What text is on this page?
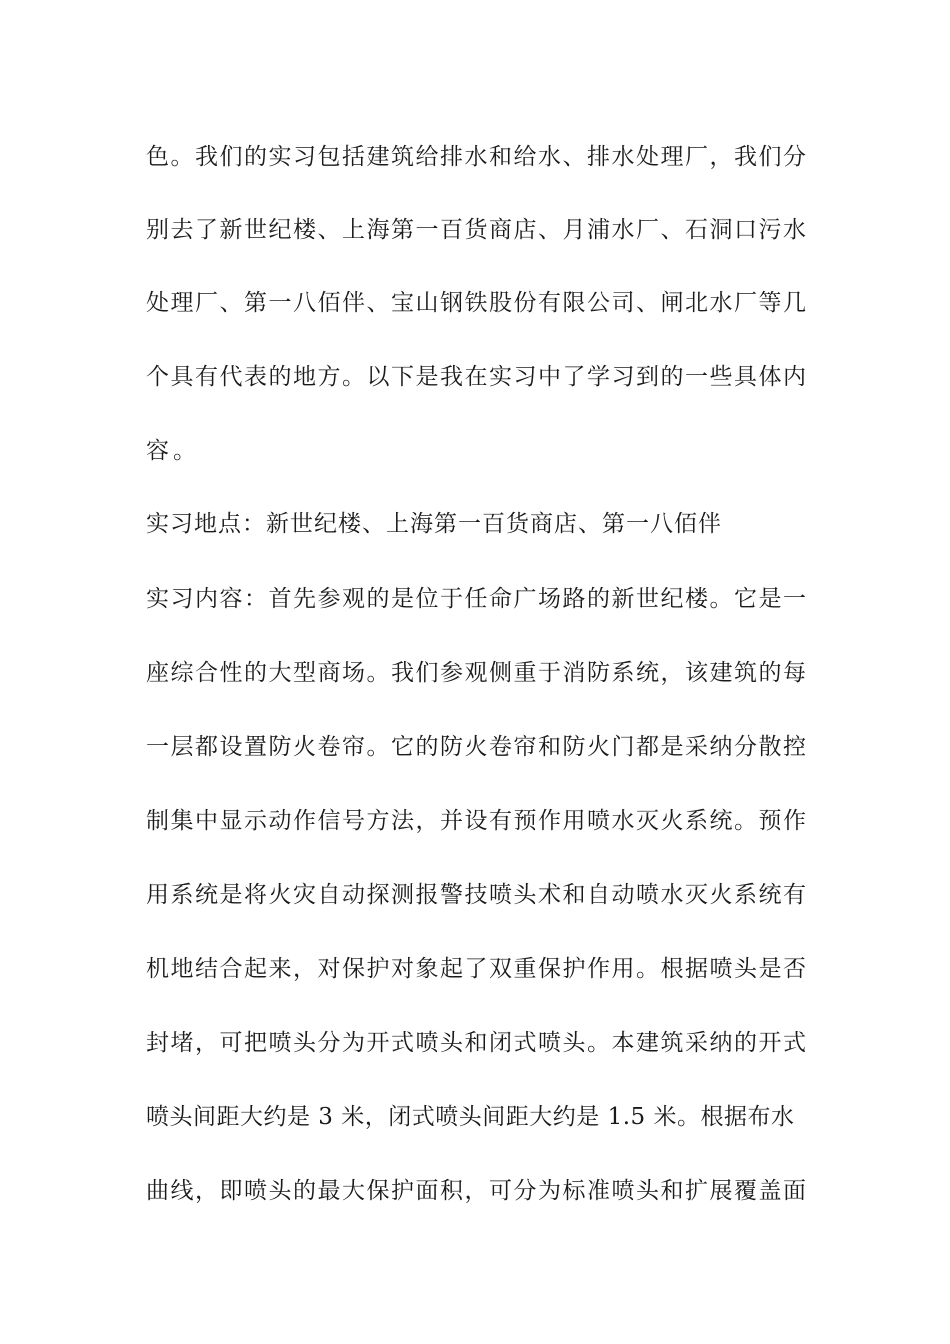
色。我们的实习包括建筑给排水和给水、排水处理厂，我们分
别去了新世纪楼、上海第一百货商店、月浦水厂、石洞口污水
处理厂、第一八佰伴、宝山钢铁股份有限公司、闸北水厂等几
个具有代表的地方。以下是我在实习中了学习到的一些具体内
容。
实习地点：新世纪楼、上海第一百货商店、第一八佰伴
实习内容：首先参观的是位于任命广场路的新世纪楼。它是一
座综合性的大型商场。我们参观侧重于消防系统，该建筑的每
一层都设置防火卷帘。它的防火卷帘和防火门都是采纳分散控
制集中显示动作信号方法，并设有预作用喷水灭火系统。预作
用系统是将火灾自动探测报警技喷头术和自动喷水灭火系统有
机地结合起来，对保护对象起了双重保护作用。根据喷头是否
封堵，可把喷头分为开式喷头和闭式喷头。本建筑采纳的开式
喷头间距大约是 3 米，闭式喷头间距大约是 1.5 米。根据布水
曲线，即喷头的最大保护面积，可分为标准喷头和扩展覆盖面
